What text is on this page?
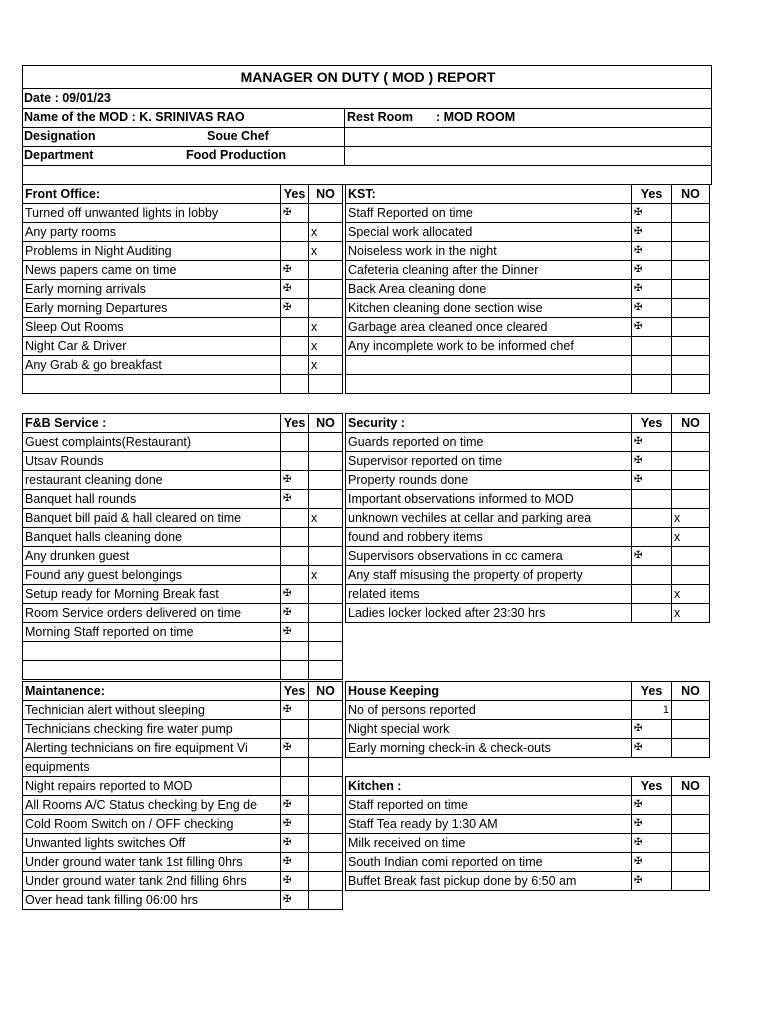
MANAGER ON DUTY ( MOD ) REPORT
Date : 09/01/23
Name of the MOD : K. SRINIVAS RAO	Rest Room	: MOD ROOM
Designation	Soue Chef
Department	Food Production
Front Office:	Yes	NO
Turned off unwanted lights in lobby	✠	
Any party rooms		x
Problems in Night Auditing		x
News papers came on time	✠	
Early morning arrivals	✠	
Early morning Departures	✠	
Sleep Out Rooms		x
Night Car & Driver		x
Any Grab & go breakfast		x

KST:	Yes	NO
Staff Reported on time	✠	
Special work allocated	✠	
Noiseless work in the night	✠	
Cafeteria cleaning after the Dinner	✠	
Back Area cleaning done	✠	
Kitchen cleaning done section wise	✠	
Garbage area cleaned once cleared	✠	
Any incomplete work to be informed chef		

F&B Service :	Yes	NO
Guest complaints(Restaurant)		
Utsav Rounds		
restaurant cleaning done	✠	
Banquet hall rounds	✠	
Banquet bill paid & hall cleared on time		x
Banquet halls cleaning done		
Any drunken guest		
Found any guest belongings		x
Setup ready for Morning Break fast	✠	
Room Service orders delivered on time	✠	
Morning Staff reported on time	✠	

Security :	Yes	NO
Guards reported on time	✠	
Supervisor reported on time	✠	
Property rounds done	✠	
Important observations informed to MOD		
unknown vechiles at cellar and parking area		x
found and robbery items		x
Supervisors observations in cc camera	✠	
Any staff misusing the property of property		
related items		x
Ladies locker locked after 23:30 hrs		x
Maintanence:	Yes	NO
Technician alert without sleeping	✠	
Technicians checking fire water pump		
Alerting technicians on fire equipment Vi	✠	
equipments		
Night repairs reported to MOD		
All Rooms A/C Status checking by Eng de	✠	
Cold Room Switch on / OFF checking	✠	
Unwanted lights switches Off	✠	
Under ground water tank 1st filling 0hrs	✠	
Under ground water tank 2nd filling 6hrs	✠	
Over head tank filling 06:00 hrs	✠	
House Keeping	Yes	NO
No of persons reported	1	
Night special work	✠	
Early morning check-in & check-outs	✠	
Kitchen :	Yes	NO
Staff reported on time	✠	
Staff Tea ready by 1:30 AM	✠	
Milk received on time	✠	
South Indian comi reported on time	✠	
Buffet Break fast pickup done by 6:50 am	✠	
